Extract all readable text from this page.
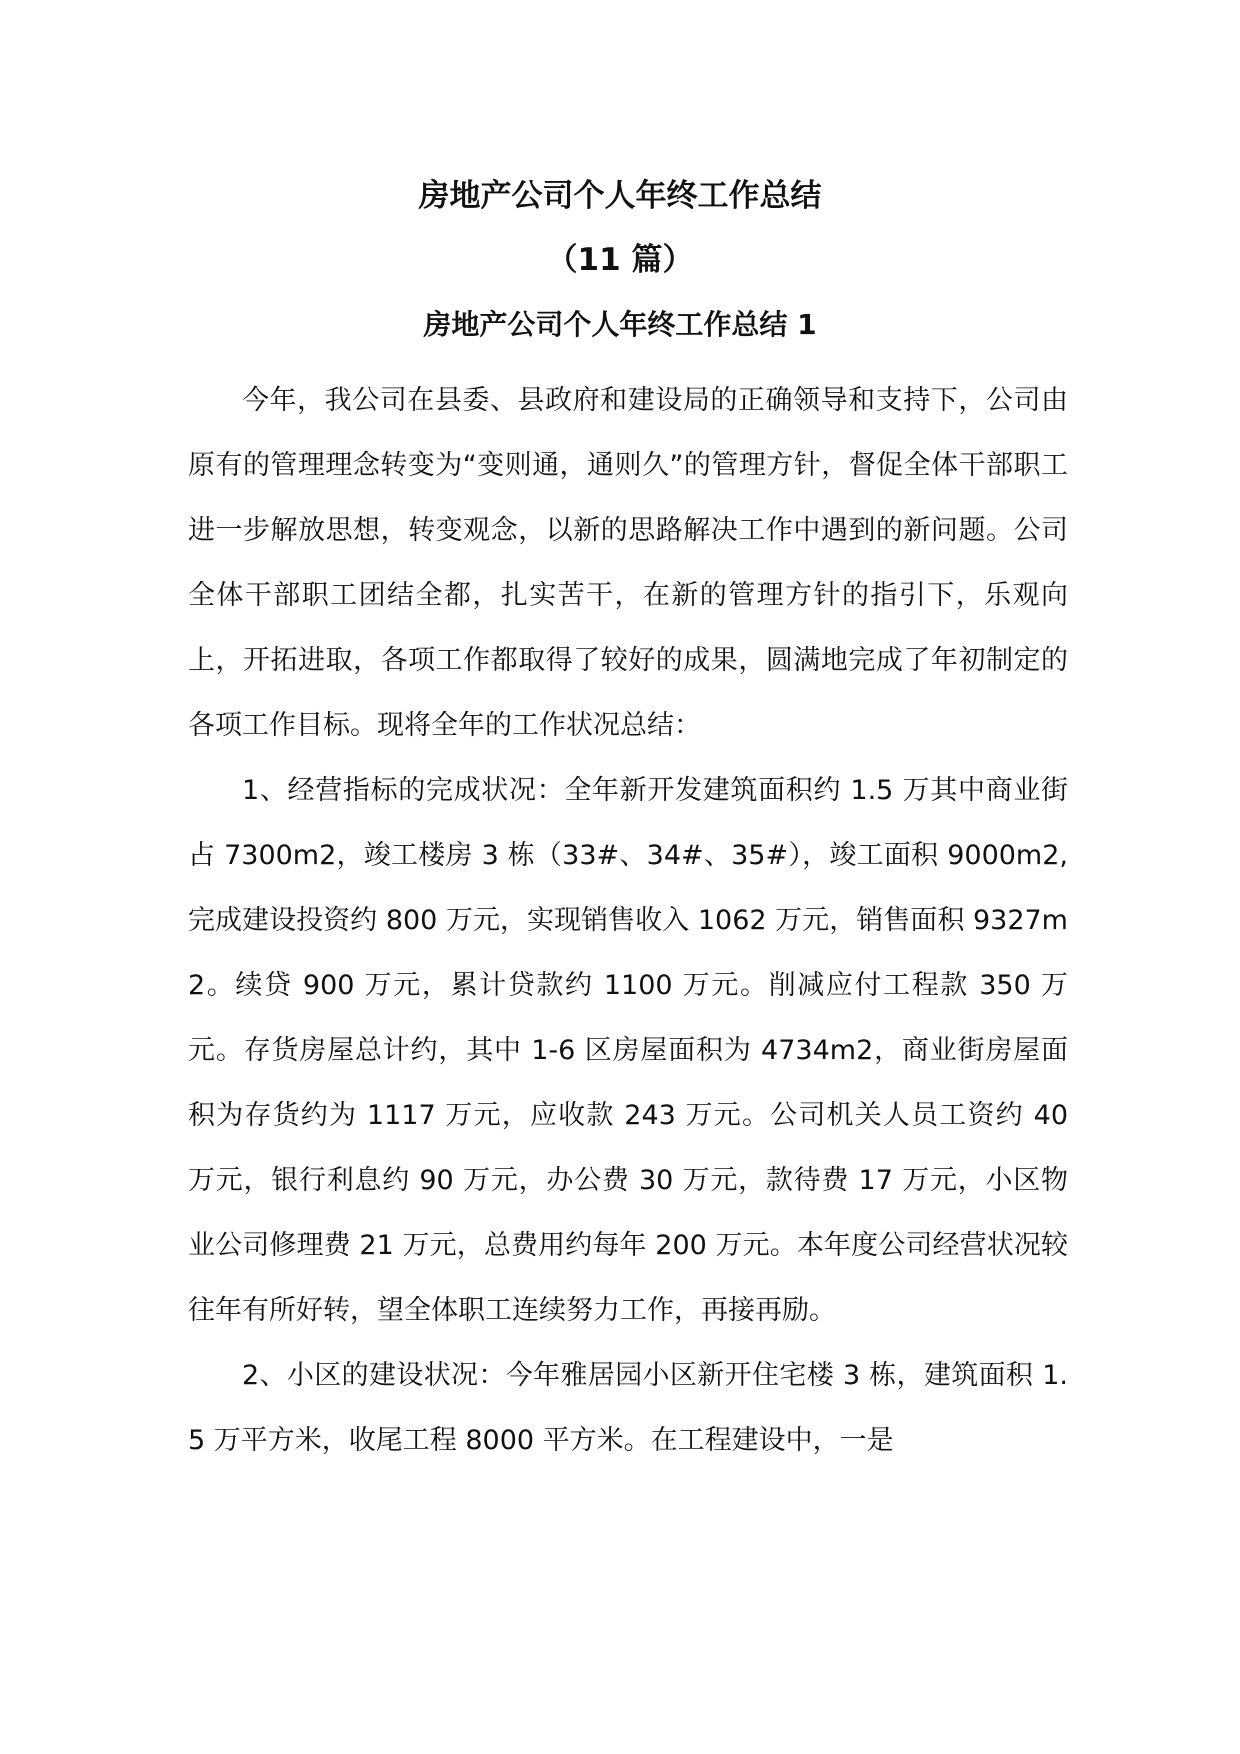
房地产公司个人年终工作总结
（11 篇）
房地产公司个人年终工作总结 1

今年，我公司在县委、县政府和建设局的正确领导和支持下，公司由原有的管理理念转变为“变则通，通则久”的管理方针，督促全体干部职工进一步解放思想，转变观念，以新的思路解决工作中遇到的新问题。公司全体干部职工团结全都，扎实苦干，在新的管理方针的指引下，乐观向上，开拓进取，各项工作都取得了较好的成果，圆满地完成了年初制定的各项工作目标。现将全年的工作状况总结：

1、经营指标的完成状况：全年新开发建筑面积约 1.5 万其中商业街占 7300m2，竣工楼房 3 栋（33#、34#、35#），竣工面积 9000m2,完成建设投资约 800 万元，实现销售收入 1062 万元，销售面积 9327m2。续贷 900 万元，累计贷款约 1100 万元。削减应付工程款 350 万元。存货房屋总计约，其中 1-6 区房屋面积为 4734m2，商业街房屋面积为存货约为 1117 万元，应收款 243 万元。公司机关人员工资约 40 万元，银行利息约 90 万元，办公费 30 万元，款待费 17 万元，小区物业公司修理费 21 万元，总费用约每年 200 万元。本年度公司经营状况较往年有所好转，望全体职工连续努力工作，再接再励。

2、小区的建设状况：今年雅居园小区新开住宅楼 3 栋，建筑面积 1.5 万平方米，收尾工程 8000 平方米。在工程建设中，一是
